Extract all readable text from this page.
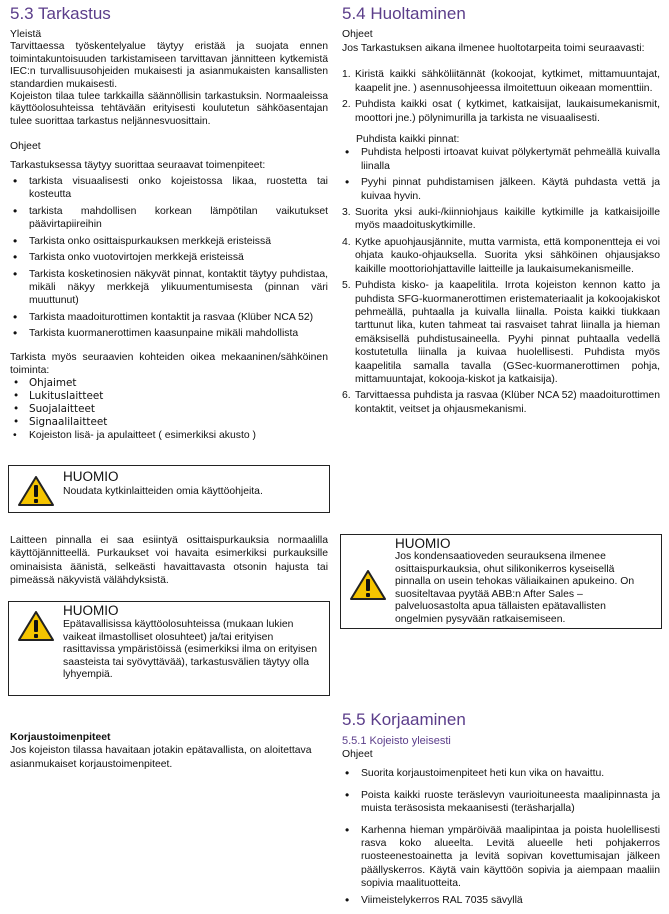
5.3 Tarkastus

Yleistä

Tarvittaessa työskentelyalue täytyy eristää ja suojata ennen toimintakuntoisuuden tarkistamiseen tarvittavan jännitteen kytkemistä IEC:n turvallisuusohjeiden mukaisesti ja asianmukaisten kansallisten standardien mukaisesti.

Kojeiston tilaa tulee tarkkailla säännöllisin tarkastuksin. Normaaleissa käyttöolosuhteissa tehtävään erityisesti koulutetun sähköasentajan tulee suorittaa tarkastus neljännesvuosittain.

Ohjeet

Tarkastuksessa täytyy suorittaa seuraavat toimenpiteet:

• tarkista visuaalisesti onko kojeistossa likaa, ruostetta tai kosteutta
• tarkista mahdollisen korkean lämpötilan vaikutukset päävirtapiireihin
• Tarkista onko osittaispurkauksen merkkejä eristeissä
• Tarkista onko vuotovirtojen merkkejä eristeissä
• Tarkista kosketinosien näkyvät pinnat, kontaktit täytyy puhdistaa, mikäli näkyy merkkejä ylikuumentumisesta (pinnan väri muuttunut)
• Tarkista maadoiturottimen kontaktit ja rasvaa (Klüber NCA 52)
• Tarkista kuormanerottimen kaasunpaine mikäli mahdollista

Tarkista myös seuraavien kohteiden oikea mekaaninen/sähköinen toiminta:

• Ohjaimet
• Lukituslaitteet
• Suojalaitteet
• Signaalilaitteet
• Kojeiston lisä- ja apulaitteet ( esimerkiksi akusto )
HUOMIO
Noudata kytkinlaitteiden omia käyttöohjeita.

Laitteen pinnalla ei saa esiintyä osittaispurkauksia normaalilla käyttöjännitteellä. Purkaukset voi havaita esimerkiksi purkauksille ominaisista äänistä, selkeästi havaittavasta otsonin hajusta tai pimeässä näkyvistä välähdyksistä.

HUOMIO
Epätavallisissa käyttöolosuhteissa (mukaan lukien vaikeat ilmastolliset olosuhteet) ja/tai erityisen rasittavissa ympäristöissä (esimerkiksi ilma on erityisen saasteista tai syövyttävää), tarkastusvälien täytyy olla lyhyempiä.

Korjaustoimenpiteet

Jos kojeiston tilassa havaitaan jotakin epätavallista, on aloitettava asianmukaiset korjaustoimenpiteet.

5.4 Huoltaminen

Ohjeet

Jos Tarkastuksen aikana ilmenee huoltotarpeita toimi seuraavasti:

1. Kiristä kaikki sähköliitännät (kokoojat, kytkimet, mittamuuntajat, kaapelit jne. ) asennusohjeessa ilmoitettuun oikeaan momenttiin.
2. Puhdista kaikki osat ( kytkimet, katkaisijat, laukaisumekanismit, moottori jne.) pölynimurilla ja tarkista ne visuaalisesti.

Puhdista kaikki pinnat:

• Puhdista helposti irtoavat kuivat pölykertymät pehmeällä kuivalla liinalla
• Pyyhi pinnat puhdistamisen jälkeen. Käytä puhdasta vettä ja kuivaa hyvin.
3. Suorita yksi auki-/kiinniohjaus kaikille kytkimille ja katkaisijoille myös maadoituskytkimille.
4. Kytke apuohjausjännite, mutta varmista, että komponentteja ei voi ohjata kauko-ohjauksella. Suorita yksi sähköinen ohjausjakso kaikille moottoriohjattaville laitteille ja laukaisumekanismeille.
5. Puhdista kisko- ja kaapelitila. Irrota kojeiston kennon katto ja puhdista SFG-kuormanerottimen eristemateriaalit ja kokoojakiskot pehmeällä, puhtaalla ja kuivalla liinalla. Poista kaikki tiukkaan tarttunut lika, kuten tahmeat tai rasvaiset tahrat liinalla ja hieman emäksisellä puhdistusaineella. Pyyhi pinnat puhtaalla vedellä kostutetulla liinalla ja kuivaa huolellisesti. Puhdista myös kaapelitila samalla tavalla (GSec-kuormanerottimen pohja, mittamuuntajat, kokooja-kiskot ja katkaisija).
6. Tarvittaessa puhdista ja rasvaa (Klüber NCA 52) maadoiturottimen kontaktit, veitset ja ohjausmekanismi.
HUOMIO
Jos kondensaatioveden seurauksena ilmenee osittaispurkauksia, ohut silikonikerros kyseisellä pinnalla on usein tehokas väliaikainen apukeino. On suositeltavaa pyytää ABB:n After Sales – palveluosastolta apua tällaisten epätavallisten ongelmien pysyvään ratkaisemiseen.
5.5 Korjaaminen
5.5.1 Kojeisto yleisesti

Ohjeet

• Suorita korjaustoimenpiteet heti kun vika on havaittu.
• Poista kaikki ruoste teräslevyn vaurioituneesta maalipinnasta ja muista teräsosista mekaanisesti (teräsharjalla)
• Karhenna hieman ympäröivää maalipintaa ja poista huolellisesti rasva koko alueelta. Levitä alueelle heti pohjakerros ruosteenestoainetta ja levitä sopivan kovettumisajan jälkeen päällyskerros. Käytä vain käyttöön sopivia ja aiempaan maaliin sopivia maalituotteita.
• Viimeistelykerros RAL 7035 sävyllä
